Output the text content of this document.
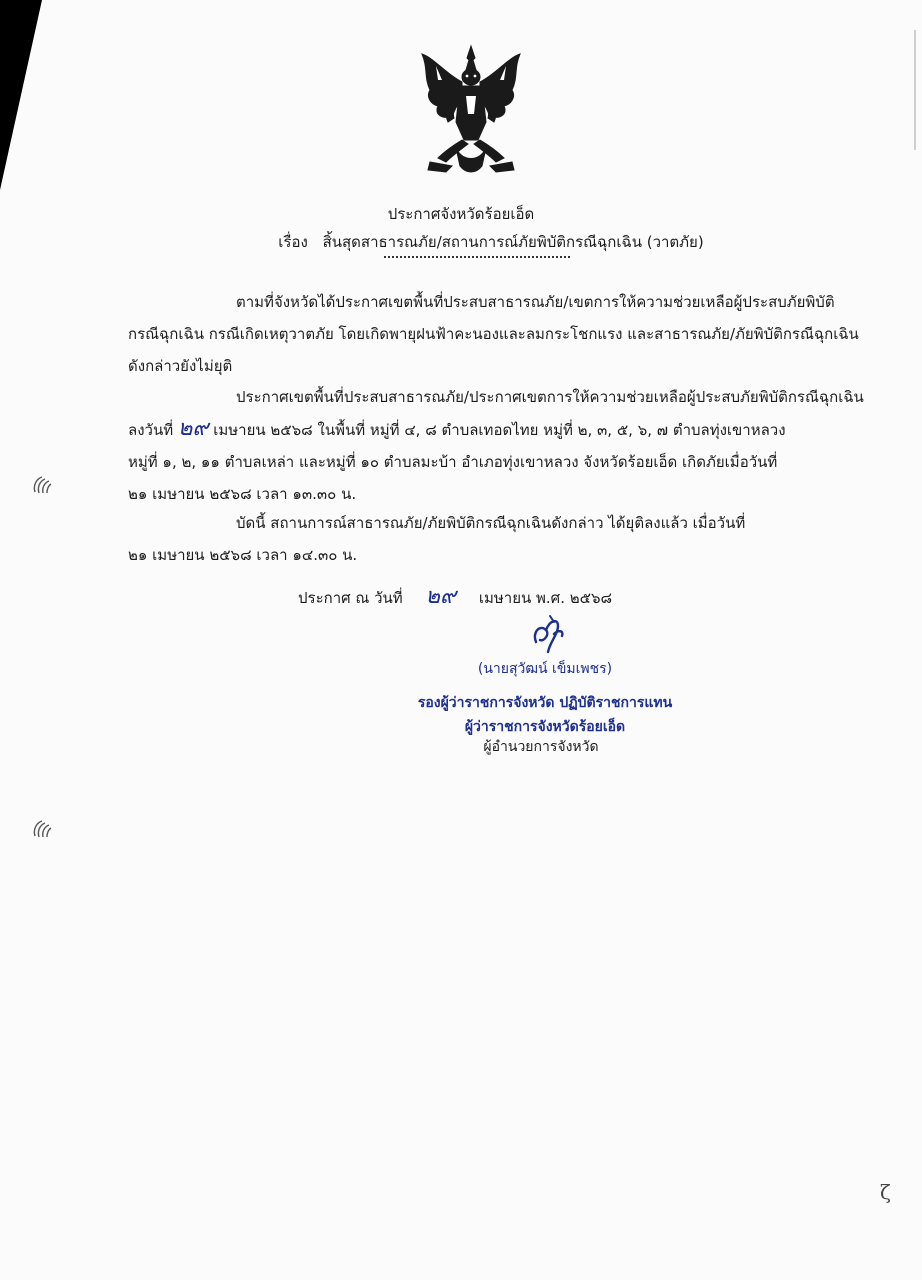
ประกาศจังหวัดร้อยเอ็ด
เรื่อง สิ้นสุดสาธารณภัย/สถานการณ์ภัยพิบัติกรณีฉุกเฉิน (วาตภัย)
ตามที่จังหวัดได้ประกาศเขตพื้นที่ประสบสาธารณภัย/เขตการให้ความช่วยเหลือผู้ประสบภัยพิบัติ
กรณีฉุกเฉิน กรณีเกิดเหตุวาตภัย โดยเกิดพายุฝนฟ้าคะนองและลมกระโชกแรง และสาธารณภัย/ภัยพิบัติกรณีฉุกเฉิน
ดังกล่าวยังไม่ยุติ
ประกาศเขตพื้นที่ประสบสาธารณภัย/ประกาศเขตการให้ความช่วยเหลือผู้ประสบภัยพิบัติกรณีฉุกเฉิน
ลงวันที่ ๒๙ เมษายน ๒๕๖๘ ในพื้นที่ หมู่ที่ ๔, ๘ ตำบลเทอดไทย หมู่ที่ ๒, ๓, ๕, ๖, ๗ ตำบลทุ่งเขาหลวง
หมู่ที่ ๑, ๒, ๑๑ ตำบลเหล่า และหมู่ที่ ๑๐ ตำบลมะบ้า อำเภอทุ่งเขาหลวง จังหวัดร้อยเอ็ด เกิดภัยเมื่อวันที่
๒๑ เมษายน ๒๕๖๘ เวลา ๑๓.๓๐ น.
บัดนี้ สถานการณ์สาธารณภัย/ภัยพิบัติกรณีฉุกเฉินดังกล่าว ได้ยุติลงแล้ว เมื่อวันที่
๒๑ เมษายน ๒๕๖๘ เวลา ๑๔.๓๐ น.
ประกาศ ณ วันที่ ๒๙ เมษายน พ.ศ. ๒๕๖๘
(นายสุวัฒน์ เข็มเพชร)
รองผู้ว่าราชการจังหวัด ปฏิบัติราชการแทน
ผู้ว่าราชการจังหวัดร้อยเอ็ด
ผู้อำนวยการจังหวัด
ζ
